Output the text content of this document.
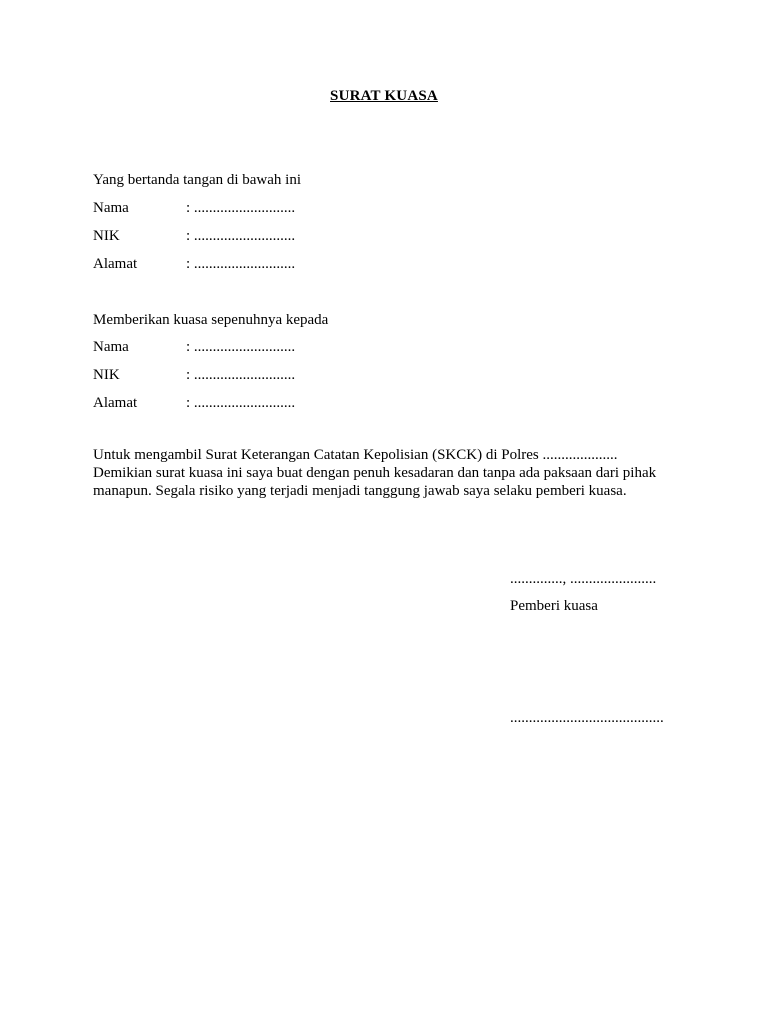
SURAT KUASA
Yang bertanda tangan di bawah ini
Nama	: ...........................
NIK	: ...........................
Alamat	: ...........................
Memberikan kuasa sepenuhnya kepada
Nama	: ...........................
NIK	: ...........................
Alamat	: ...........................
Untuk mengambil Surat Keterangan Catatan Kepolisian (SKCK) di Polres ....................
Demikian surat kuasa ini saya buat dengan penuh kesadaran dan tanpa ada paksaan dari pihak
manapun. Segala risiko yang terjadi menjadi tanggung jawab saya selaku pemberi kuasa.
.............., .......................
Pemberi kuasa
.........................................
